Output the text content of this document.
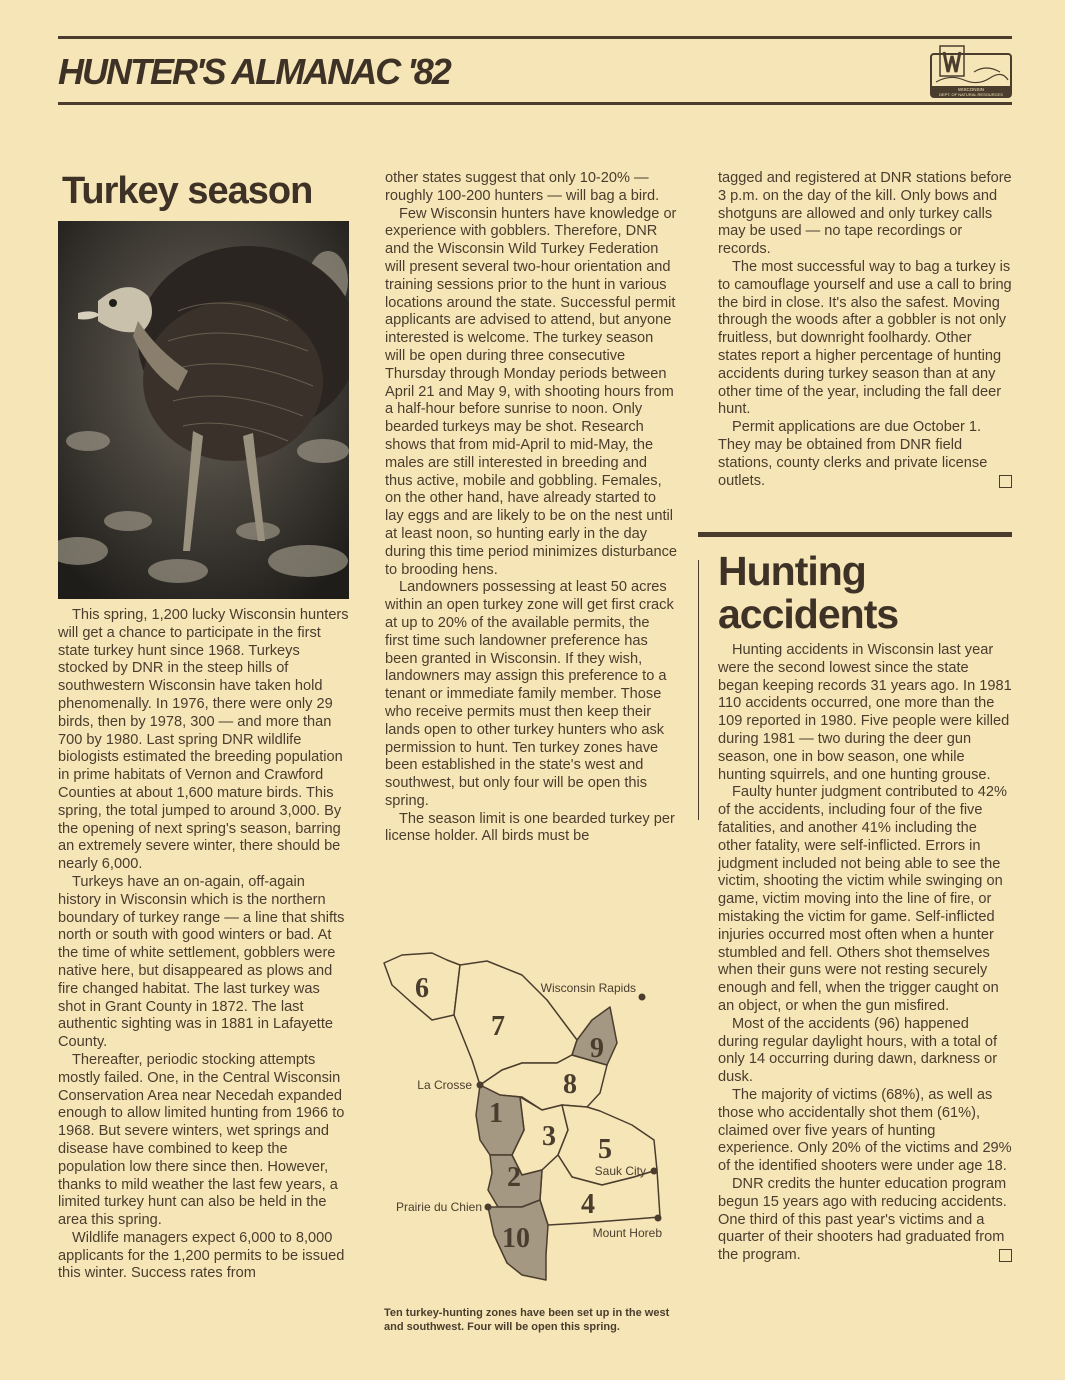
HUNTER'S ALMANAC '82	WISCONSIN
DEPT. OF NATURAL RESOURCES
Turkey season

This spring, 1,200 lucky Wisconsin hunters will get a chance to participate in the first state turkey hunt since 1968. Turkeys stocked by DNR in the steep hills of southwestern Wisconsin have taken hold phenomenally. In 1976, there were only 29 birds, then by 1978, 300 — and more than 700 by 1980. Last spring DNR wildlife biologists estimated the breeding population in prime habitats of Vernon and Crawford Counties at about 1,600 mature birds. This spring, the total jumped to around 3,000. By the opening of next spring's season, barring an extremely severe winter, there should be nearly 6,000.

Turkeys have an on-again, off-again history in Wisconsin which is the northern boundary of turkey range — a line that shifts north or south with good winters or bad. At the time of white settlement, gobblers were native here, but disappeared as plows and fire changed habitat. The last turkey was shot in Grant County in 1872. The last authentic sighting was in 1881 in Lafayette County.

Thereafter, periodic stocking attempts mostly failed. One, in the Central Wisconsin Conservation Area near Necedah expanded enough to allow limited hunting from 1966 to 1968. But severe winters, wet springs and disease have combined to keep the population low there since then. However, thanks to mild weather the last few years, a limited turkey hunt can also be held in the area this spring.

Wildlife managers expect 6,000 to 8,000 applicants for the 1,200 permits to be issued this winter. Success rates from

other states suggest that only 10-20% — roughly 100-200 hunters — will bag a bird.

Few Wisconsin hunters have knowledge or experience with gobblers. Therefore, DNR and the Wisconsin Wild Turkey Federation will present several two-hour orientation and training sessions prior to the hunt in various locations around the state. Successful permit applicants are advised to attend, but anyone interested is welcome. The turkey season will be open during three consecutive Thursday through Monday periods between April 21 and May 9, with shooting hours from a half-hour before sunrise to noon. Only bearded turkeys may be shot. Research shows that from mid-April to mid-May, the males are still interested in breeding and thus active, mobile and gobbling. Females, on the other hand, have already started to lay eggs and are likely to be on the nest until at least noon, so hunting early in the day during this time period minimizes disturbance to brooding hens.

Landowners possessing at least 50 acres within an open turkey zone will get first crack at up to 20% of the available permits, the first time such landowner preference has been granted in Wisconsin. If they wish, landowners may assign this preference to a tenant or immediate family member. Those who receive permits must then keep their lands open to other turkey hunters who ask permission to hunt. Ten turkey zones have been established in the state's west and southwest, but only four will be open this spring.

The season limit is one bearded turkey per license holder. All birds must be

tagged and registered at DNR stations before 3 p.m. on the day of the kill. Only bows and shotguns are allowed and only turkey calls may be used — no tape recordings or records.

The most successful way to bag a turkey is to camouflage yourself and use a call to bring the bird in close. It's also the safest. Moving through the woods after a gobbler is not only fruitless, but downright foolhardy. Other states report a higher percentage of hunting accidents during turkey season than at any other time of the year, including the fall deer hunt.

Permit applications are due October 1. They may be obtained from DNR field stations, county clerks and private license outlets.

Hunting
accidents

Hunting accidents in Wisconsin last year were the second lowest since the state began keeping records 31 years ago. In 1981 110 accidents occurred, one more than the 109 reported in 1980. Five people were killed during 1981 — two during the deer gun season, one in bow season, one while hunting squirrels, and one hunting grouse.

Faulty hunter judgment contributed to 42% of the accidents, including four of the five fatalities, and another 41% including the other fatality, were self-inflicted. Errors in judgment included not being able to see the victim, shooting the victim while swinging on game, victim moving into the line of fire, or mistaking the victim for game. Self-inflicted injuries occurred most often when a hunter stumbled and fell. Others shot themselves when their guns were not resting securely enough and fell, when the trigger caught on an object, or when the gun misfired.

Most of the accidents (96) happened during regular daylight hours, with a total of only 14 occurring during dawn, darkness or dusk.

The majority of victims (68%), as well as those who accidentally shot them (61%), claimed over five years of hunting experience. Only 20% of the victims and 29% of the identified shooters were under age 18.

DNR credits the hunter education program begun 15 years ago with reducing accidents. One third of this past year's victims and a quarter of their shooters had graduated from the program.

6
7
9
8
1
3 5
2
4
10
Wisconsin Rapids
La Crosse
Sauk City
Prairie du Chien
Mount Horeb
Ten turkey-hunting zones have been set up in the west and southwest. Four will be open this spring.
